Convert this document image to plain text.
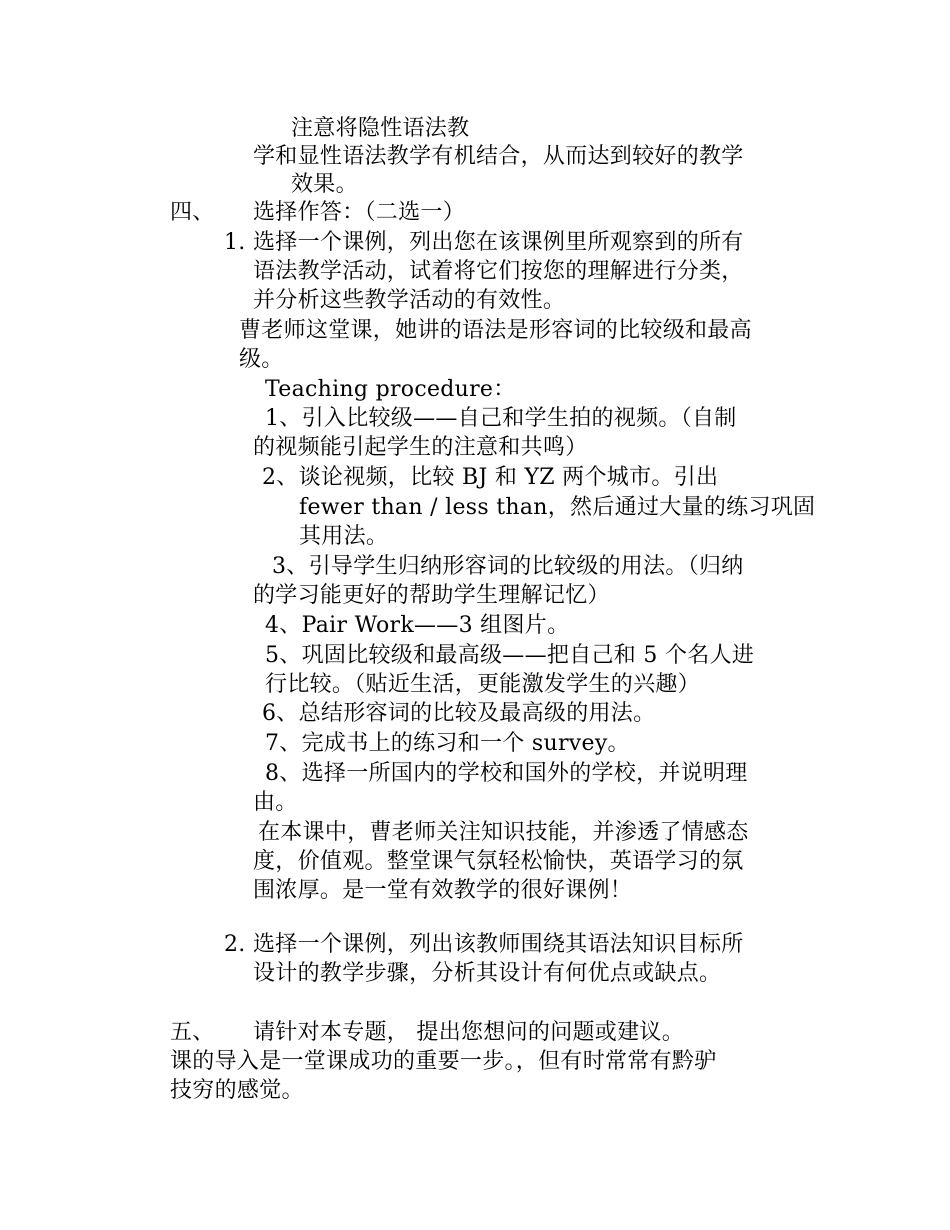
注意将隐性语法教
学和显性语法教学有机结合，从而达到较好的教学
效果。
四、 选择作答：（二选一）
1. 选择一个课例，列出您在该课例里所观察到的所有
语法教学活动，试着将它们按您的理解进行分类，
并分析这些教学活动的有效性。
曹老师这堂课，她讲的语法是形容词的比较级和最高
级。
Teaching procedure：
1、引入比较级——自己和学生拍的视频。（自制
的视频能引起学生的注意和共鸣）
2、谈论视频，比较 BJ 和 YZ 两个城市。引出
fewer than / less than，然后通过大量的练习巩固
其用法。
3、引导学生归纳形容词的比较级的用法。（归纳
的学习能更好的帮助学生理解记忆）
4、Pair Work——3 组图片。
5、巩固比较级和最高级——把自己和 5 个名人进
行比较。（贴近生活，更能激发学生的兴趣）
6、总结形容词的比较及最高级的用法。
7、完成书上的练习和一个 survey。
8、选择一所国内的学校和国外的学校，并说明理
由。
在本课中，曹老师关注知识技能，并渗透了情感态
度，价值观。整堂课气氛轻松愉快，英语学习的氛
围浓厚。是一堂有效教学的很好课例！
2. 选择一个课例，列出该教师围绕其语法知识目标所
设计的教学步骤，分析其设计有何优点或缺点。
五、 请针对本专题， 提出您想问的问题或建议。
课的导入是一堂课成功的重要一步。，但有时常常有黔驴
技穷的感觉。
